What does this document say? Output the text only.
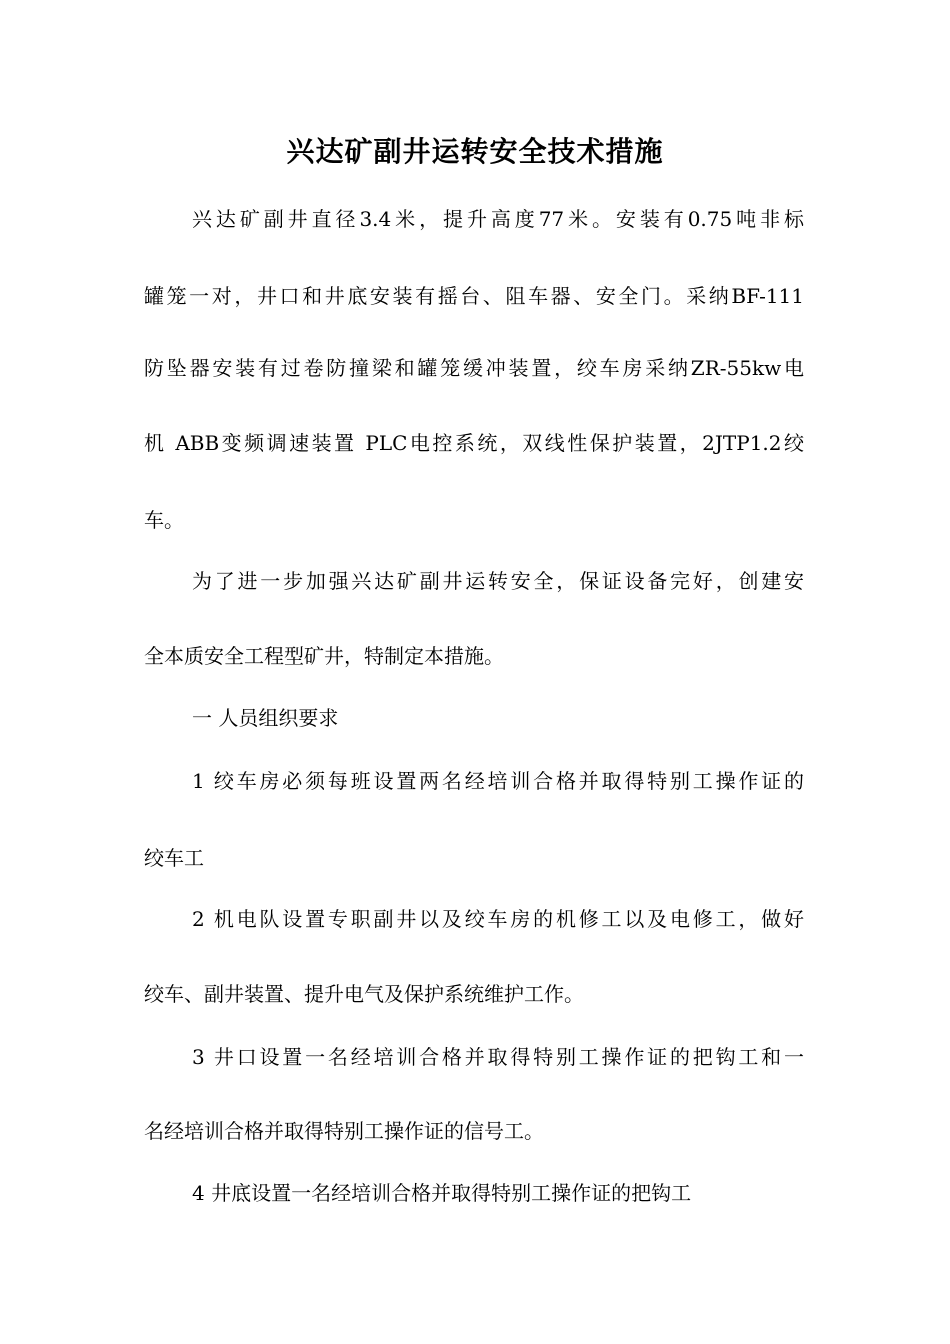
兴达矿副井运转安全技术措施
兴达矿副井直径3.4米，提升高度77米。安装有0.75吨非标
罐笼一对，井口和井底安装有摇台、阻车器、安全门。采纳BF-111
防坠器安装有过卷防撞梁和罐笼缓冲装置，绞车房采纳ZR-55kw电
机 ABB变频调速装置 PLC电控系统，双线性保护装置，2JTP1.2绞
车。
为了进一步加强兴达矿副井运转安全，保证设备完好，创建安
全本质安全工程型矿井，特制定本措施。
一 人员组织要求
1 绞车房必须每班设置两名经培训合格并取得特别工操作证的
绞车工
2 机电队设置专职副井以及绞车房的机修工以及电修工，做好
绞车、副井装置、提升电气及保护系统维护工作。
3 井口设置一名经培训合格并取得特别工操作证的把钩工和一
名经培训合格并取得特别工操作证的信号工。
4 井底设置一名经培训合格并取得特别工操作证的把钩工
